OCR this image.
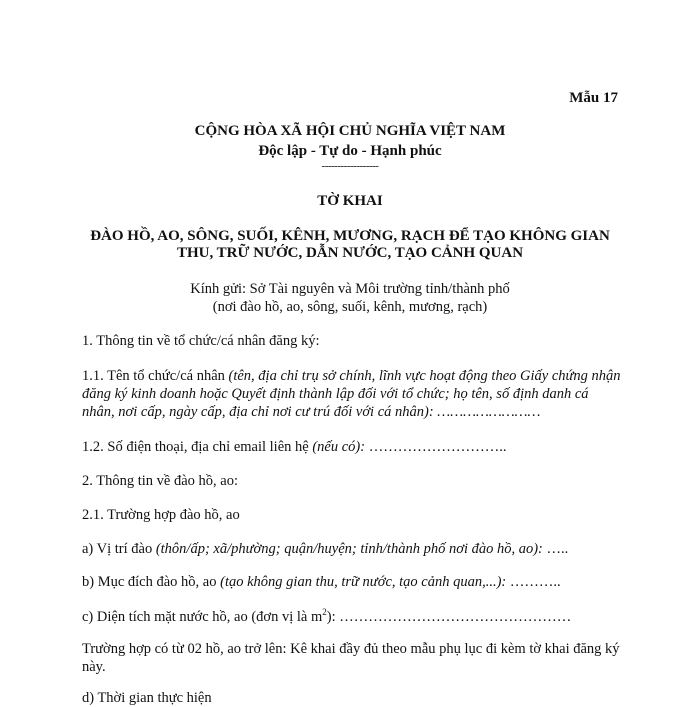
Mẫu 17
CỘNG HÒA XÃ HỘI CHỦ NGHĨA VIỆT NAM
Độc lập - Tự do - Hạnh phúc
------------------
TỜ KHAI
ĐÀO HỒ, AO, SÔNG, SUỐI, KÊNH, MƯƠNG, RẠCH ĐỂ TẠO KHÔNG GIAN
THU, TRỮ NƯỚC, DẪN NƯỚC, TẠO CẢNH QUAN
Kính gửi: Sở Tài nguyên và Môi trường tỉnh/thành phố
(nơi đào hồ, ao, sông, suối, kênh, mương, rạch)
1. Thông tin về tổ chức/cá nhân đăng ký:
1.1. Tên tổ chức/cá nhân (tên, địa chỉ trụ sở chính, lĩnh vực hoạt động theo Giấy chứng nhận đăng ký kinh doanh hoặc Quyết định thành lập đối với tổ chức; họ tên, số định danh cá nhân, nơi cấp, ngày cấp, địa chỉ nơi cư trú đối với cá nhân): ……………………
1.2. Số điện thoại, địa chỉ email liên hệ (nếu có): ………………………..
2. Thông tin về đào hồ, ao:
2.1. Trường hợp đào hồ, ao
a) Vị trí đào (thôn/ấp; xã/phường; quận/huyện; tỉnh/thành phố nơi đào hồ, ao): …..
b) Mục đích đào hồ, ao (tạo không gian thu, trữ nước, tạo cảnh quan,...): ………..
c) Diện tích mặt nước hồ, ao (đơn vị là $m^2$): …………………………………………
Trường hợp có từ 02 hồ, ao trở lên: Kê khai đầy đủ theo mẫu phụ lục đi kèm tờ khai đăng ký này.
d) Thời gian thực hiện
